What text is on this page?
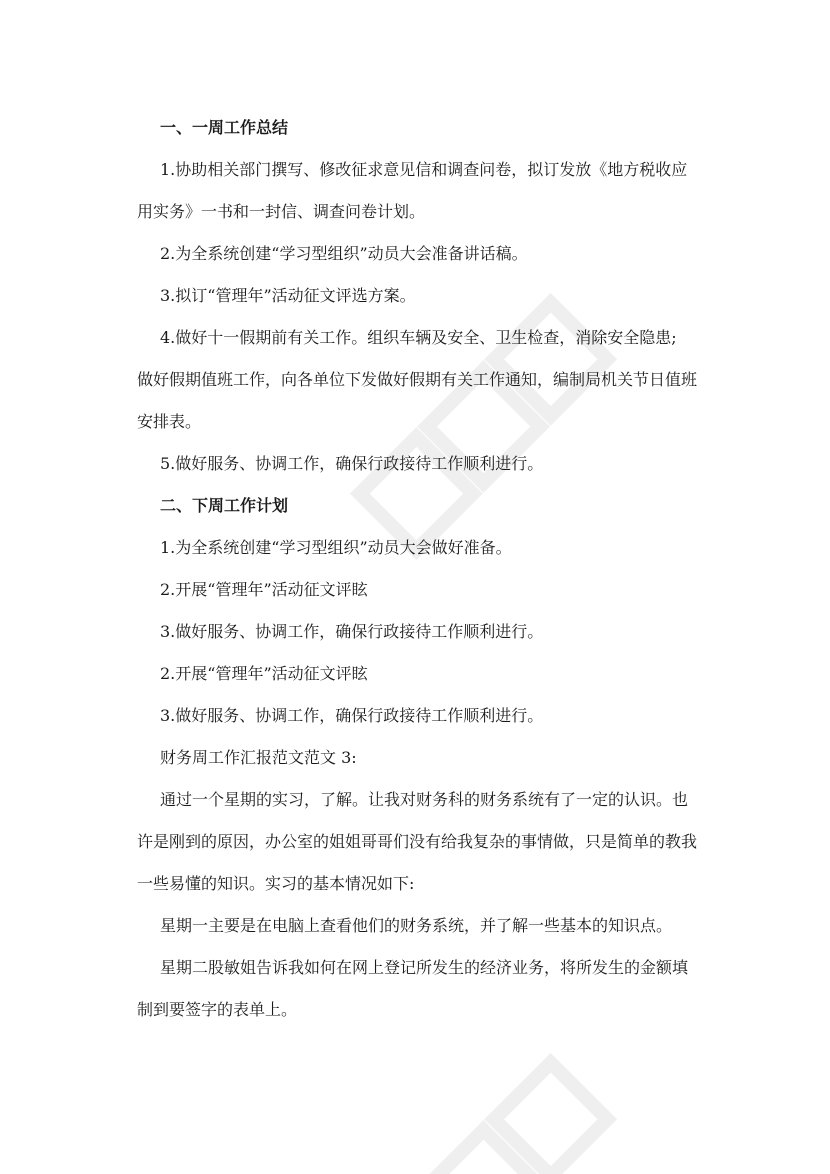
一、一周工作总结

1.协助相关部门撰写、修改征求意见信和调查问卷，拟订发放《地方税收应

用实务》一书和一封信、调查问卷计划。

2.为全系统创建“学习型组织”动员大会准备讲话稿。

3.拟订“管理年”活动征文评选方案。

4.做好十一假期前有关工作。组织车辆及安全、卫生检查，消除安全隐患;

做好假期值班工作，向各单位下发做好假期有关工作通知，编制局机关节日值班

安排表。

5.做好服务、协调工作，确保行政接待工作顺利进行。

二、下周工作计划

1.为全系统创建“学习型组织”动员大会做好准备。

2.开展“管理年”活动征文评眩

3.做好服务、协调工作，确保行政接待工作顺利进行。

2.开展“管理年”活动征文评眩

3.做好服务、协调工作，确保行政接待工作顺利进行。

财务周工作汇报范文范文 3:

通过一个星期的实习，了解。让我对财务科的财务系统有了一定的认识。也

许是刚到的原因，办公室的姐姐哥哥们没有给我复杂的事情做，只是简单的教我

一些易懂的知识。实习的基本情况如下:

星期一主要是在电脑上查看他们的财务系统，并了解一些基本的知识点。

星期二股敏姐告诉我如何在网上登记所发生的经济业务，将所发生的金额填

制到要签字的表单上。
